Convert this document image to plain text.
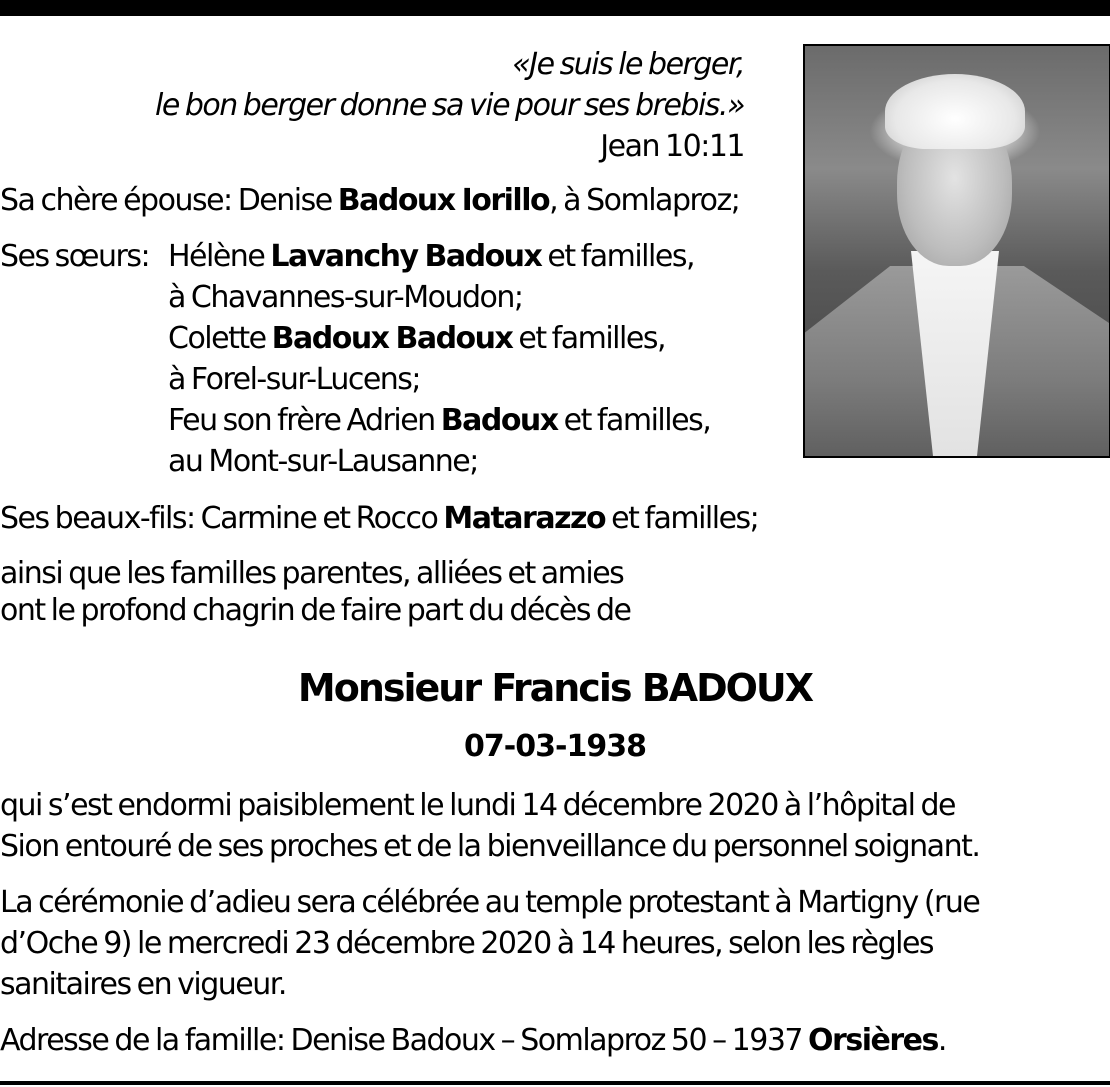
«Je suis le berger,
le bon berger donne sa vie pour ses brebis.»
Jean 10:11
Sa chère épouse: Denise Badoux Iorillo, à Somlaproz;
Ses sœurs: Hélène Lavanchy Badoux et familles,
à Chavannes-sur-Moudon;
Colette Badoux Badoux et familles,
à Forel-sur-Lucens;
Feu son frère Adrien Badoux et familles,
au Mont-sur-Lausanne;
Ses beaux-fils: Carmine et Rocco Matarazzo et familles;
ainsi que les familles parentes, alliées et amies
ont le profond chagrin de faire part du décès de
Monsieur Francis BADOUX
07-03-1938
qui s’est endormi paisiblement le lundi 14 décembre 2020 à l’hôpital de
Sion entouré de ses proches et de la bienveillance du personnel soignant.
La cérémonie d’adieu sera célébrée au temple protestant à Martigny (rue
d’Oche 9) le mercredi 23 décembre 2020 à 14 heures, selon les règles
sanitaires en vigueur.
Adresse de la famille: Denise Badoux – Somlaproz 50 – 1937 Orsières.
